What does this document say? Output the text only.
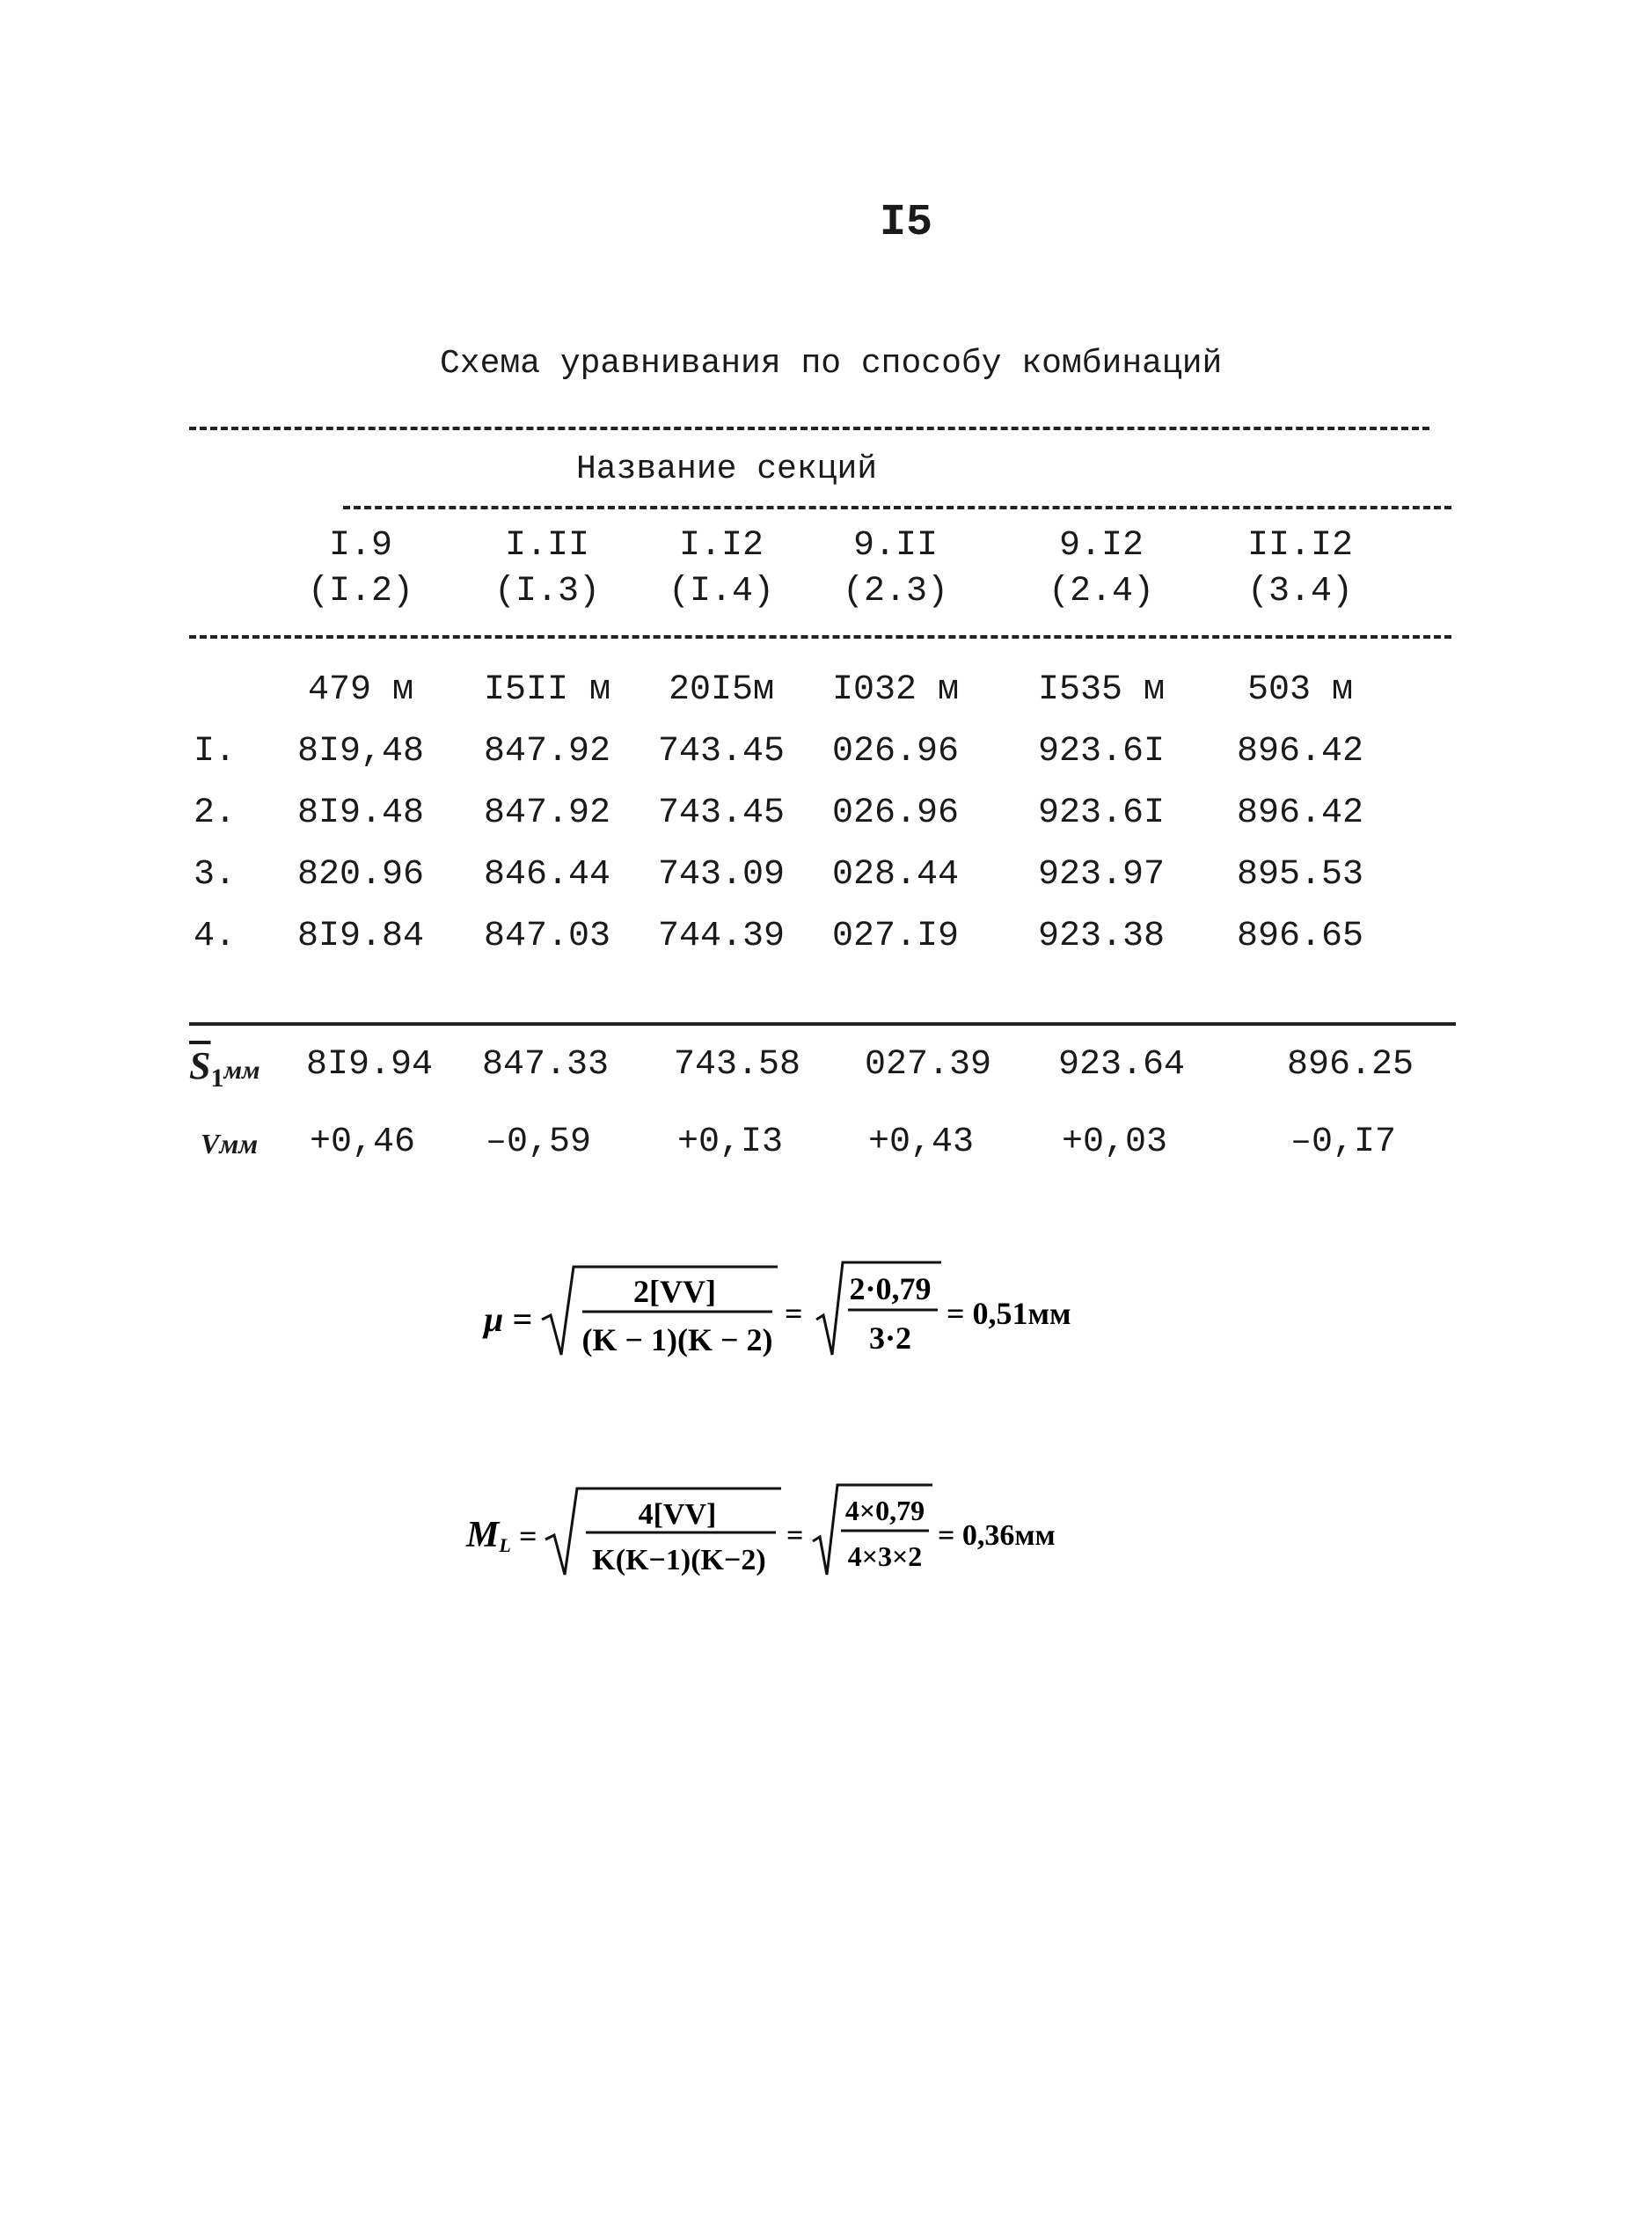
I5
Схема уравнивания по способу комбинаций
Название секций
I.9
(I.2)
I.II
(I.3)
I.I2
(I.4)
9.II
(2.3)
9.I2
(2.4)
II.I2
(3.4)
479 м I5II м 20I5м I032 м I535 м 503 м
I. 8I9,48 847.92 743.45 026.96 923.6I 896.42
2. 8I9.48 847.92 743.45 026.96 923.6I 896.42
3. 820.96 846.44 743.09 028.44 923.97 895.53
4. 8I9.84 847.03 744.39 027.I9 923.38 896.65
$\overline{S}_1мм$
Vмм
8I9.94 847.33 743.58 027.39 923.64	896.25
+0,46 –0,59 +0,I3 +0,43 +0,03	–0,I7
μ =
2[VV]
(K − 1)(K − 2)
=
2·0,79
3·2
= 0,51мм
ML =
4[VV]
K(K−1)(K−2)
=
4×0,79
4×3×2
= 0,36мм
